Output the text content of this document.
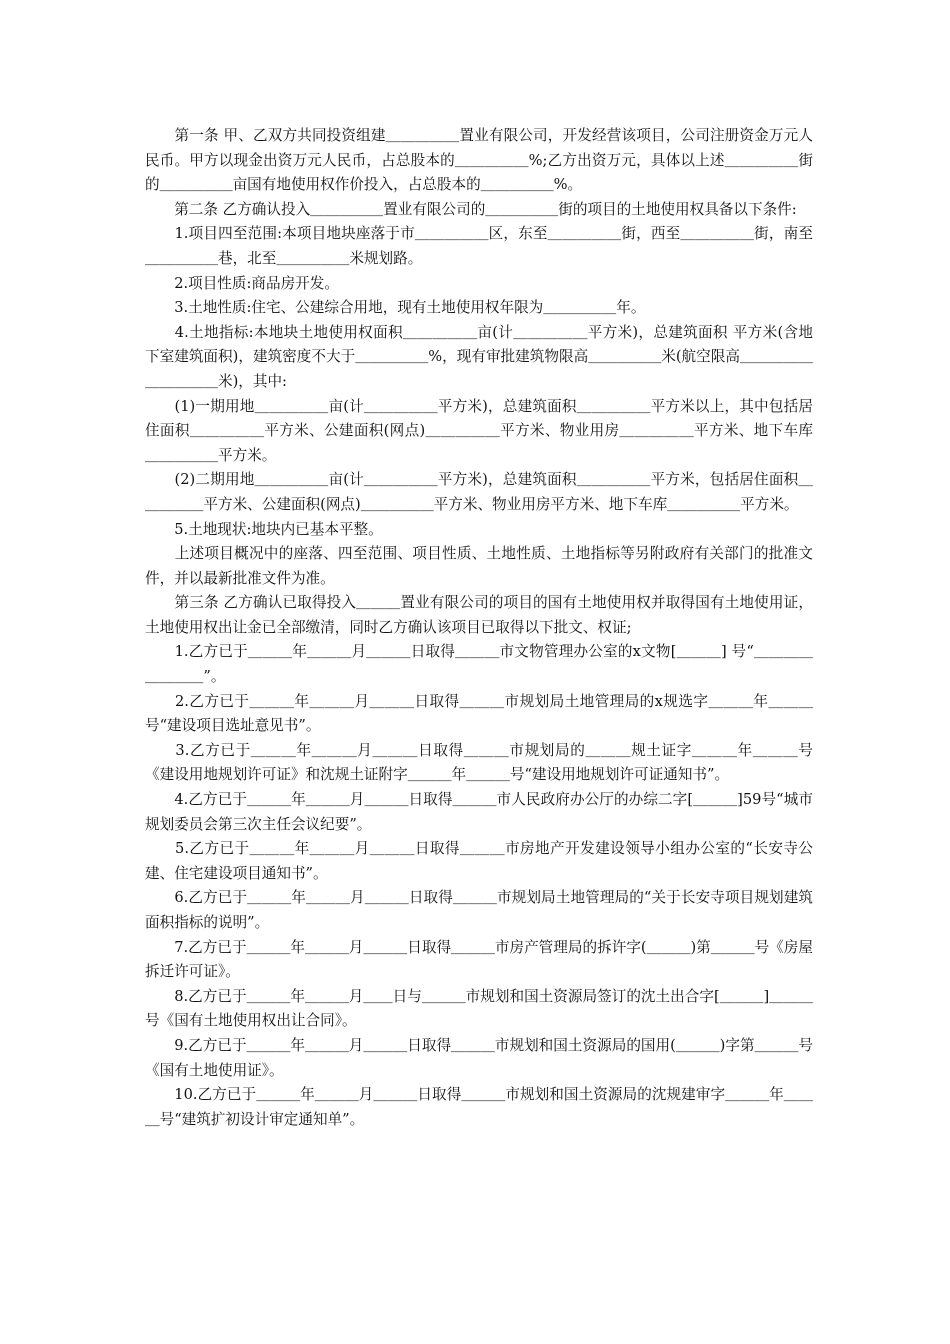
　　第一条 甲、乙双方共同投资组建＿＿＿＿＿置业有限公司，开发经营该项目，公司注册资金万元人民币。甲方以现金出资万元人民币，占总股本的＿＿＿＿＿%;乙方出资万元，具体以上述＿＿＿＿＿街的＿＿＿＿＿亩国有地使用权作价投入，占总股本的＿＿＿＿＿%。

　　第二条 乙方确认投入＿＿＿＿＿置业有限公司的＿＿＿＿＿街的项目的土地使用权具备以下条件:

　　1.项目四至范围:本项目地块座落于市＿＿＿＿＿区，东至＿＿＿＿＿街，西至＿＿＿＿＿街，南至＿＿＿＿＿巷，北至＿＿＿＿＿米规划路。

　　2.项目性质:商品房开发。

　　3.土地性质:住宅、公建综合用地，现有土地使用权年限为＿＿＿＿＿年。

　　4.土地指标:本地块土地使用权面积＿＿＿＿＿亩(计＿＿＿＿＿平方米)，总建筑面积 平方米(含地下室建筑面积)，建筑密度不大于＿＿＿＿＿%，现有审批建筑物限高＿＿＿＿＿米(航空限高＿＿＿＿＿＿＿＿＿＿米)，其中:

　　(1)一期用地＿＿＿＿＿亩(计＿＿＿＿＿平方米)，总建筑面积＿＿＿＿＿平方米以上，其中包括居住面积＿＿＿＿＿平方米、公建面积(网点)＿＿＿＿＿平方米、物业用房＿＿＿＿＿平方米、地下车库＿＿＿＿＿平方米。

　　(2)二期用地＿＿＿＿＿亩(计＿＿＿＿＿平方米)，总建筑面积＿＿＿＿＿平方米，包括居住面积＿＿＿＿＿平方米、公建面积(网点)＿＿＿＿＿平方米、物业用房平方米、地下车库＿＿＿＿＿平方米。

　　5.土地现状:地块内已基本平整。

　　上述项目概况中的座落、四至范围、项目性质、土地性质、土地指标等另附政府有关部门的批准文件，并以最新批准文件为准。

　　第三条 乙方确认已取得投入＿＿＿置业有限公司的项目的国有土地使用权并取得国有土地使用证，土地使用权出让金已全部缴清，同时乙方确认该项目已取得以下批文、权证;

　　1.乙方已于＿＿＿年＿＿＿月＿＿＿日取得＿＿＿市文物管理办公室的x文物[＿＿＿] 号“＿＿＿＿＿＿＿＿”。

　　2.乙方已于＿＿＿年＿＿＿月＿＿＿日取得＿＿＿市规划局土地管理局的x规选字＿＿＿年＿＿＿号“建设项目选址意见书”。

　　3.乙方已于＿＿＿年＿＿＿月＿＿＿日取得＿＿＿市规划局的＿＿＿规土证字＿＿＿年＿＿＿号《建设用地规划许可证》和沈规土证附字＿＿＿年＿＿＿号“建设用地规划许可证通知书”。

　　4.乙方已于＿＿＿年＿＿＿月＿＿＿日取得＿＿＿市人民政府办公厅的办综二字[＿＿＿]59号“城市规划委员会第三次主任会议纪要”。

　　5.乙方已于＿＿＿年＿＿＿月＿＿＿日取得＿＿＿市房地产开发建设领导小组办公室的“长安寺公建、住宅建设项目通知书”。

　　6.乙方已于＿＿＿年＿＿＿月＿＿＿日取得＿＿＿市规划局土地管理局的“关于长安寺项目规划建筑面积指标的说明”。

　　7.乙方已于＿＿＿年＿＿＿月＿＿＿日取得＿＿＿市房产管理局的拆许字(＿＿＿)第＿＿＿号《房屋拆迁许可证》。

　　8.乙方已于＿＿＿年＿＿＿月＿＿日与＿＿＿市规划和国土资源局签订的沈土出合字[＿＿＿]＿＿＿号《国有土地使用权出让合同》。

　　9.乙方已于＿＿＿年＿＿＿月＿＿＿日取得＿＿＿市规划和国土资源局的国用(＿＿＿)字第＿＿＿号《国有土地使用证》。

　　10.乙方已于＿＿＿年＿＿＿月＿＿＿日取得＿＿＿市规划和国土资源局的沈规建审字＿＿＿年＿＿＿号“建筑扩初设计审定通知单”。
